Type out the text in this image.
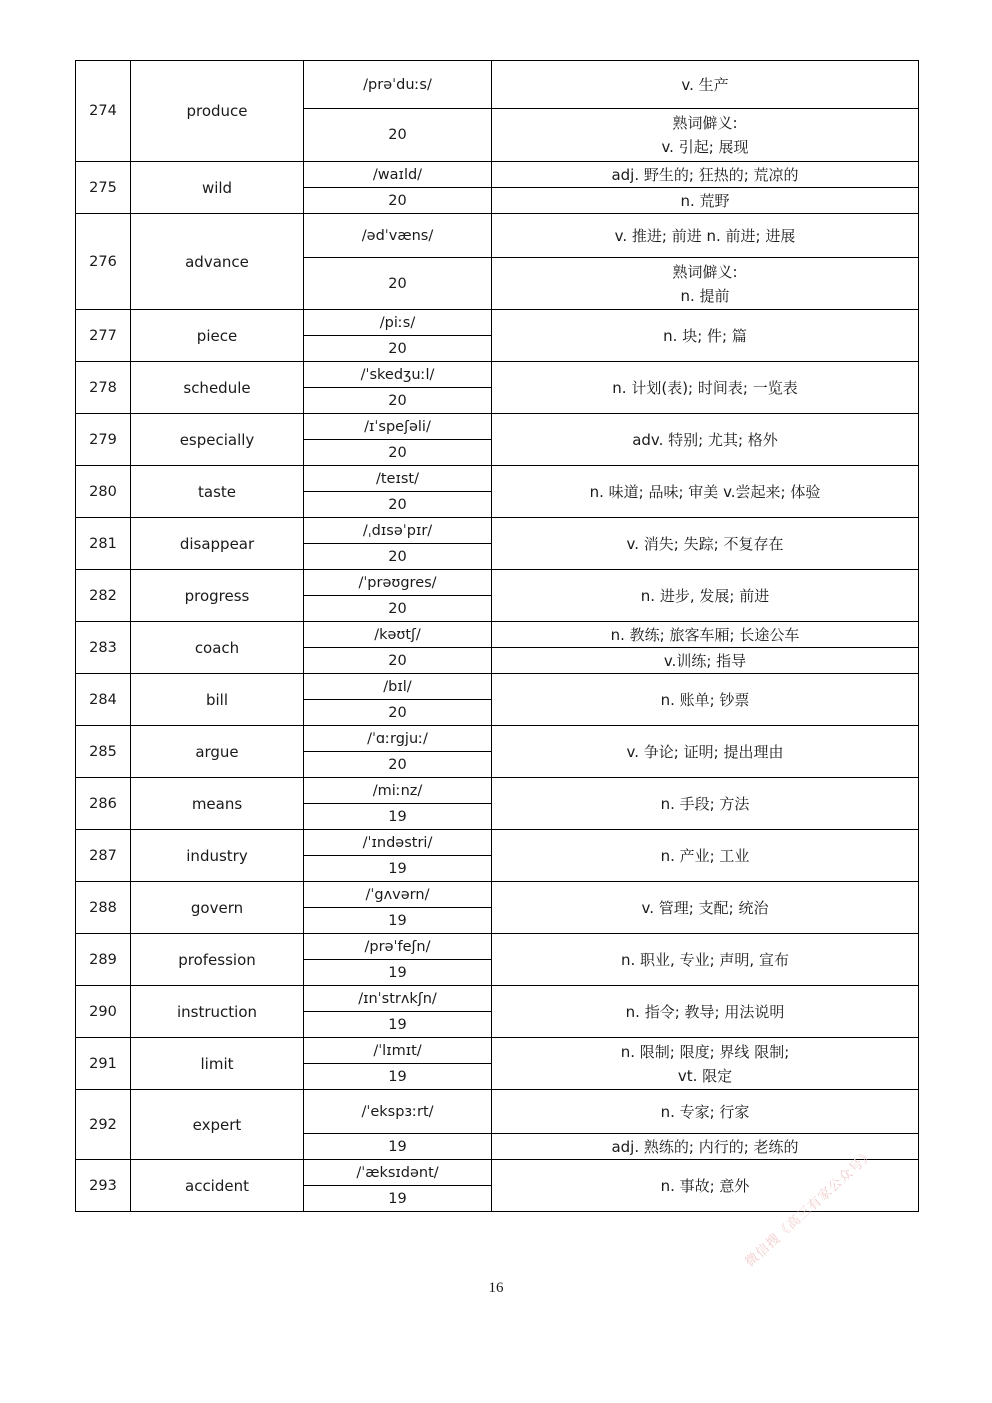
274	produce	/prəˈduːs/	v. 生产

		20	熟词僻义:
v. 引起; 展现

275	wild	/waɪld/	adj. 野生的; 狂热的; 荒凉的

		20	n. 荒野

276	advance	/ədˈvæns/	v. 推进; 前进 n. 前进; 进展

		20	熟词僻义:
n. 提前

277	piece	/piːs/	n. 块; 件; 篇
		20	
278	schedule	/ˈskedʒuːl/	n. 计划(表); 时间表; 一览表
		20	
279	especially	/ɪˈspeʃəli/	adv. 特别; 尤其; 格外
		20	
280	taste	/teɪst/	n. 味道; 品味; 审美 v.尝起来; 体验
		20	
281	disappear	/ˌdɪsəˈpɪr/	v. 消失; 失踪; 不复存在
		20	
282	progress	/ˈprəʊgres/	n. 进步, 发展; 前进
		20	
283	coach	/kəʊtʃ/	n. 教练; 旅客车厢; 长途公车

		20	v.训练; 指导

284	bill	/bɪl/	n. 账单; 钞票
		20	
285	argue	/ˈɑːrgjuː/	v. 争论; 证明; 提出理由
		20	
286	means	/miːnz/	n. 手段; 方法
		19	
287	industry	/ˈɪndəstri/	n. 产业; 工业
		19	
288	govern	/ˈgʌvərn/	v. 管理; 支配; 统治
		19	
289	profession	/prəˈfeʃn/	n. 职业, 专业; 声明, 宣布
		19	
290	instruction	/ɪnˈstrʌkʃn/	n. 指令; 教导; 用法说明
		19	
291	limit	/ˈlɪmɪt/	n. 限制; 限度; 界线 限制;
vt. 限定

		19	
292	expert	/ˈekspɜːrt/	n. 专家; 行家

		19	adj. 熟练的; 内行的; 老练的

293	accident	/ˈæksɪdənt/	n. 事故; 意外
		19	
16
微信搜《高三有家公众号》
